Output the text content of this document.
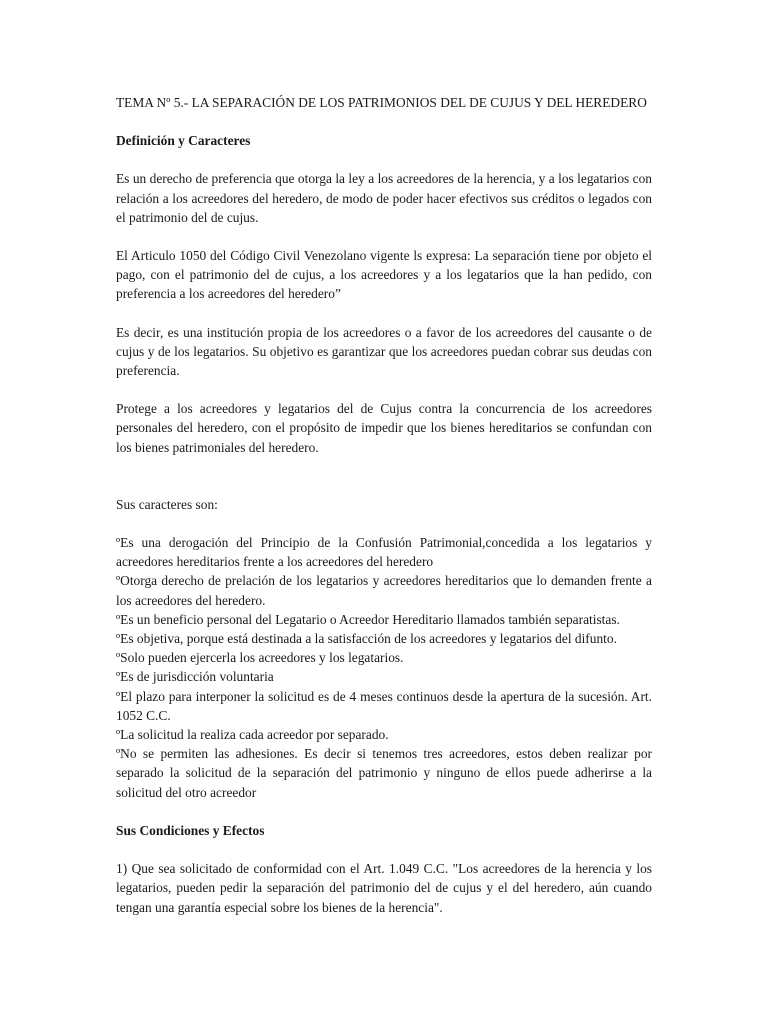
TEMA Nº 5.- LA SEPARACIÓN DE LOS PATRIMONIOS DEL DE CUJUS Y DEL HEREDERO

Definición y Caracteres

Es un derecho de preferencia que otorga la ley a los acreedores de la herencia, y a los legatarios con relación a los acreedores del heredero, de modo de poder hacer efectivos sus créditos o legados con el patrimonio del de cujus.

El Articulo 1050 del Código Civil Venezolano vigente ls expresa: La separación tiene por objeto el pago, con el patrimonio del de cujus, a los acreedores y a los legatarios que la han pedido, con preferencia a los acreedores del heredero”

Es decir, es una institución propia de los acreedores o a favor de los acreedores del causante o de cujus y de los legatarios. Su objetivo es garantizar que los acreedores puedan cobrar sus deudas con preferencia.

Protege a los acreedores y legatarios del de Cujus contra la concurrencia de los acreedores personales del heredero, con el propósito de impedir que los bienes hereditarios se confundan con los bienes patrimoniales del heredero.

Sus caracteres son:

ºEs una derogación del Principio de la Confusión Patrimonial,concedida a los legatarios y acreedores hereditarios frente a los acreedores del heredero
ºOtorga derecho de prelación de los legatarios y acreedores hereditarios que lo demanden frente a los acreedores del heredero.
ºEs un beneficio personal del Legatario o Acreedor Hereditario llamados también separatistas.
ºEs objetiva, porque está destinada a la satisfacción de los acreedores y legatarios del difunto.
ºSolo pueden ejercerla los acreedores y los legatarios.
ºEs de jurisdicción voluntaria
ºEl plazo para interponer la solicitud es de 4 meses continuos desde la apertura de la sucesión. Art. 1052 C.C.
ºLa solicitud la realiza cada acreedor por separado.
ºNo se permiten las adhesiones. Es decir si tenemos tres acreedores, estos deben realizar por separado la solicitud de la separación del patrimonio y ninguno de ellos puede adherirse a la solicitud del otro acreedor

Sus Condiciones y Efectos

1) Que sea solicitado de conformidad con el Art. 1.049 C.C. "Los acreedores de la herencia y los legatarios, pueden pedir la separación del patrimonio del de cujus y el del heredero, aún cuando tengan una garantía especial sobre los bienes de la herencia".
